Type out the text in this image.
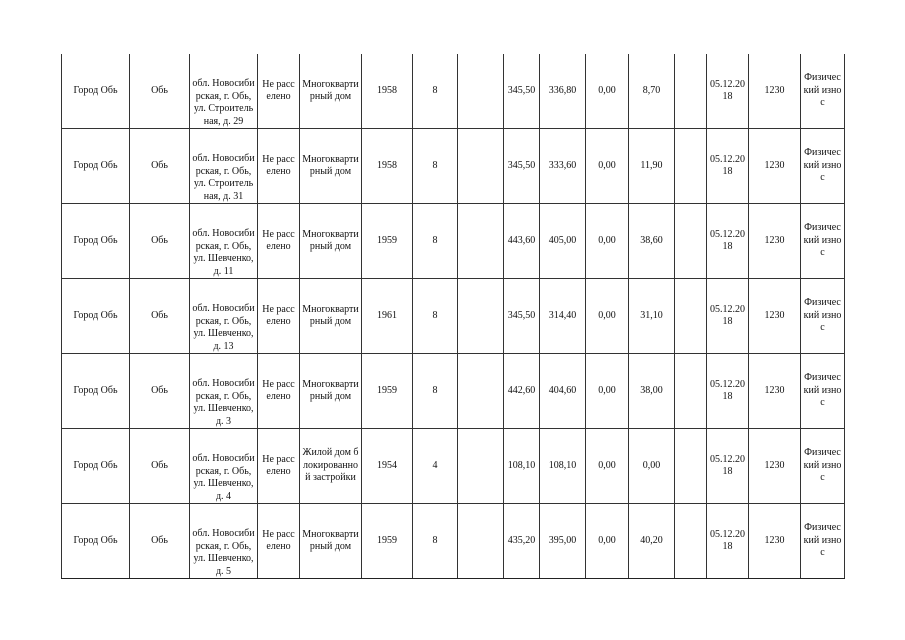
Город Обь	Обь	обл. Новосибирская, г. Обь, ул. Строительная, д. 29	Не расселено	Многоквартирный дом	1958	8		345,50	336,80	0,00	8,70		05.12.2018	1230	Физический износ
Город Обь	Обь	обл. Новосибирская, г. Обь, ул. Строительная, д. 31	Не расселено	Многоквартирный дом	1958	8		345,50	333,60	0,00	11,90		05.12.2018	1230	Физический износ
Город Обь	Обь	обл. Новосибирская, г. Обь, ул. Шевченко, д. 11	Не расселено	Многоквартирный дом	1959	8		443,60	405,00	0,00	38,60		05.12.2018	1230	Физический износ
Город Обь	Обь	обл. Новосибирская, г. Обь, ул. Шевченко, д. 13	Не расселено	Многоквартирный дом	1961	8		345,50	314,40	0,00	31,10		05.12.2018	1230	Физический износ
Город Обь	Обь	обл. Новосибирская, г. Обь, ул. Шевченко, д. 3	Не расселено	Многоквартирный дом	1959	8		442,60	404,60	0,00	38,00		05.12.2018	1230	Физический износ
Город Обь	Обь	обл. Новосибирская, г. Обь, ул. Шевченко, д. 4	Не расселено	Жилой дом блокированной застройки	1954	4		108,10	108,10	0,00	0,00		05.12.2018	1230	Физический износ
Город Обь	Обь	обл. Новосибирская, г. Обь, ул. Шевченко, д. 5	Не расселено	Многоквартирный дом	1959	8		435,20	395,00	0,00	40,20		05.12.2018	1230	Физический износ
